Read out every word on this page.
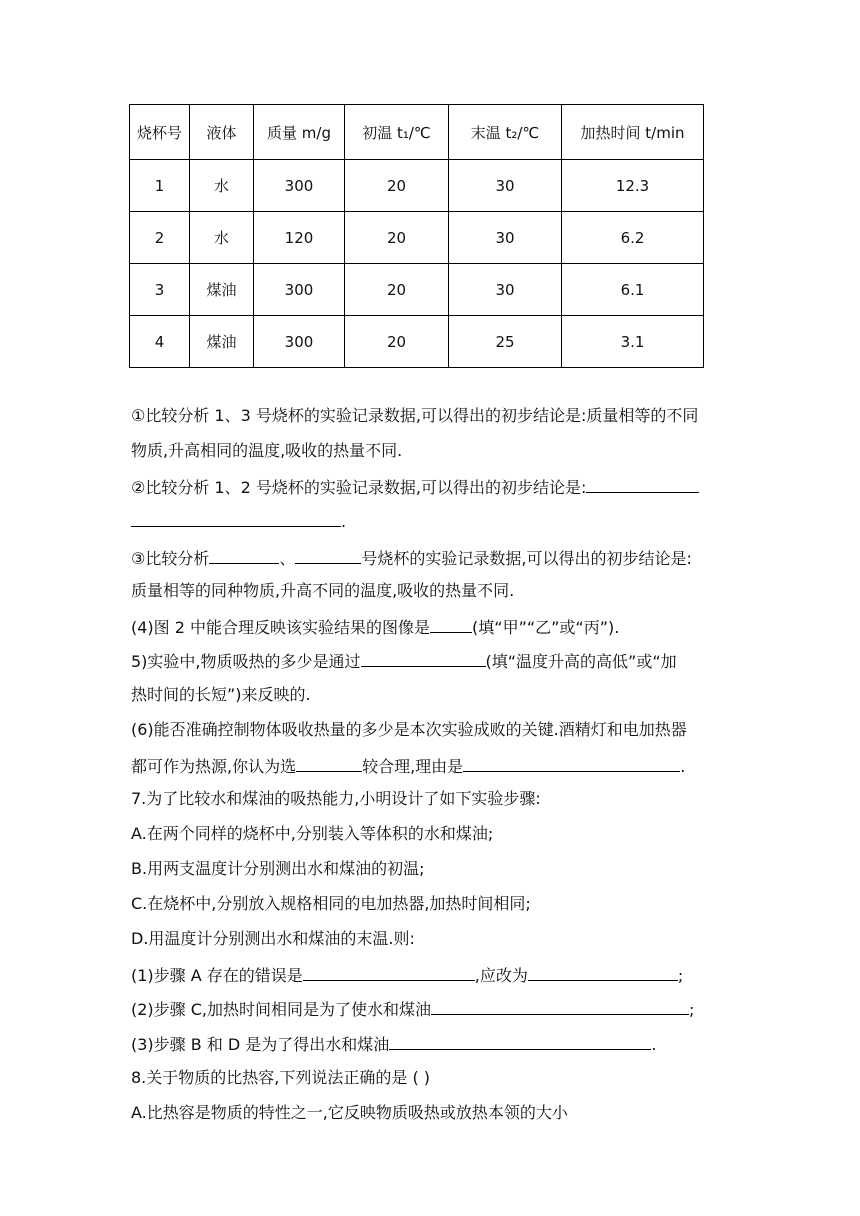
烧杯号	液体	质量 m/g	初温 t₁/℃	末温 t₂/℃	加热时间 t/min
1	水	300	20	30	12.3
2	水	120	20	30	6.2
3	煤油	300	20	30	6.1
4	煤油	300	20	25	3.1
①比较分析 1、3 号烧杯的实验记录数据,可以得出的初步结论是:质量相等的不同
物质,升高相同的温度,吸收的热量不同.
②比较分析 1、2 号烧杯的实验记录数据,可以得出的初步结论是:
.
③比较分析	、	号烧杯的实验记录数据,可以得出的初步结论是:
质量相等的同种物质,升高不同的温度,吸收的热量不同.
(4)图 2 中能合理反映该实验结果的图像是	(填“甲”“乙”或“丙”).
5)实验中,物质吸热的多少是通过	(填“温度升高的高低”或“加
热时间的长短”)来反映的.
(6)能否准确控制物体吸收热量的多少是本次实验成败的关键.酒精灯和电加热器
都可作为热源,你认为选	较合理,理由是	.
7.为了比较水和煤油的吸热能力,小明设计了如下实验步骤:
A.在两个同样的烧杯中,分别装入等体积的水和煤油;
B.用两支温度计分别测出水和煤油的初温;
C.在烧杯中,分别放入规格相同的电加热器,加热时间相同;
D.用温度计分别测出水和煤油的末温.则:
(1)步骤 A 存在的错误是	,应改为	;
(2)步骤 C,加热时间相同是为了使水和煤油	;
(3)步骤 B 和 D 是为了得出水和煤油	.
8.关于物质的比热容,下列说法正确的是 ( )
A.比热容是物质的特性之一,它反映物质吸热或放热本领的大小
